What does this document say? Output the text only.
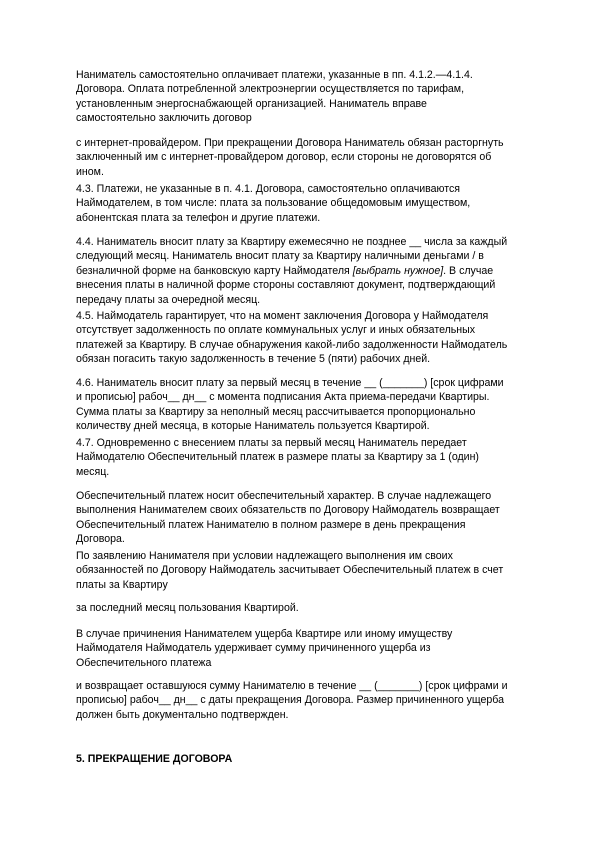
Наниматель самостоятельно оплачивает платежи, указанные в пп. 4.1.2.—4.1.4.
Договора. Оплата потребленной электроэнергии осуществляется по тарифам,
установленным энергоснабжающей организацией. Наниматель вправе
самостоятельно заключить договор

с интернет-провайдером. При прекращении Договора Наниматель обязан расторгнуть
заключенный им с интернет-провайдером договор, если стороны не договорятся об
ином.

4.3. Платежи, не указанные в п. 4.1. Договора, самостоятельно оплачиваются
Наймодателем, в том числе: плата за пользование общедомовым имуществом,
абонентская плата за телефон и другие платежи.

4.4. Наниматель вносит плату за Квартиру ежемесячно не позднее __ числа за каждый
следующий месяц. Наниматель вносит плату за Квартиру наличными деньгами / в
безналичной форме на банковскую карту Наймодателя [выбрать нужное]. В случае
внесения платы в наличной форме стороны составляют документ, подтверждающий
передачу платы за очередной месяц.

4.5. Наймодатель гарантирует, что на момент заключения Договора у Наймодателя
отсутствует задолженность по оплате коммунальных услуг и иных обязательных
платежей за Квартиру. В случае обнаружения какой-либо задолженности Наймодатель
обязан погасить такую задолженность в течение 5 (пяти) рабочих дней.

4.6. Наниматель вносит плату за первый месяц в течение __ (_______) [срок цифрами
и прописью] рабоч__ дн__ с момента подписания Акта приема-передачи Квартиры.
Сумма платы за Квартиру за неполный месяц рассчитывается пропорционально
количеству дней месяца, в которые Наниматель пользуется Квартирой.

4.7. Одновременно с внесением платы за первый месяц Наниматель передает
Наймодателю Обеспечительный платеж в размере платы за Квартиру за 1 (один)
месяц.

Обеспечительный платеж носит обеспечительный характер. В случае надлежащего
выполнения Нанимателем своих обязательств по Договору Наймодатель возвращает
Обеспечительный платеж Нанимателю в полном размере в день прекращения
Договора.

По заявлению Нанимателя при условии надлежащего выполнения им своих
обязанностей по Договору Наймодатель засчитывает Обеспечительный платеж в счет
платы за Квартиру

за последний месяц пользования Квартирой.

В случае причинения Нанимателем ущерба Квартире или иному имуществу
Наймодателя Наймодатель удерживает сумму причиненного ущерба из
Обеспечительного платежа

и возвращает оставшуюся сумму Нанимателю в течение __ (_______) [срок цифрами и
прописью] рабоч__ дн__ с даты прекращения Договора. Размер причиненного ущерба
должен быть документально подтвержден.

5. ПРЕКРАЩЕНИЕ ДОГОВОРА
